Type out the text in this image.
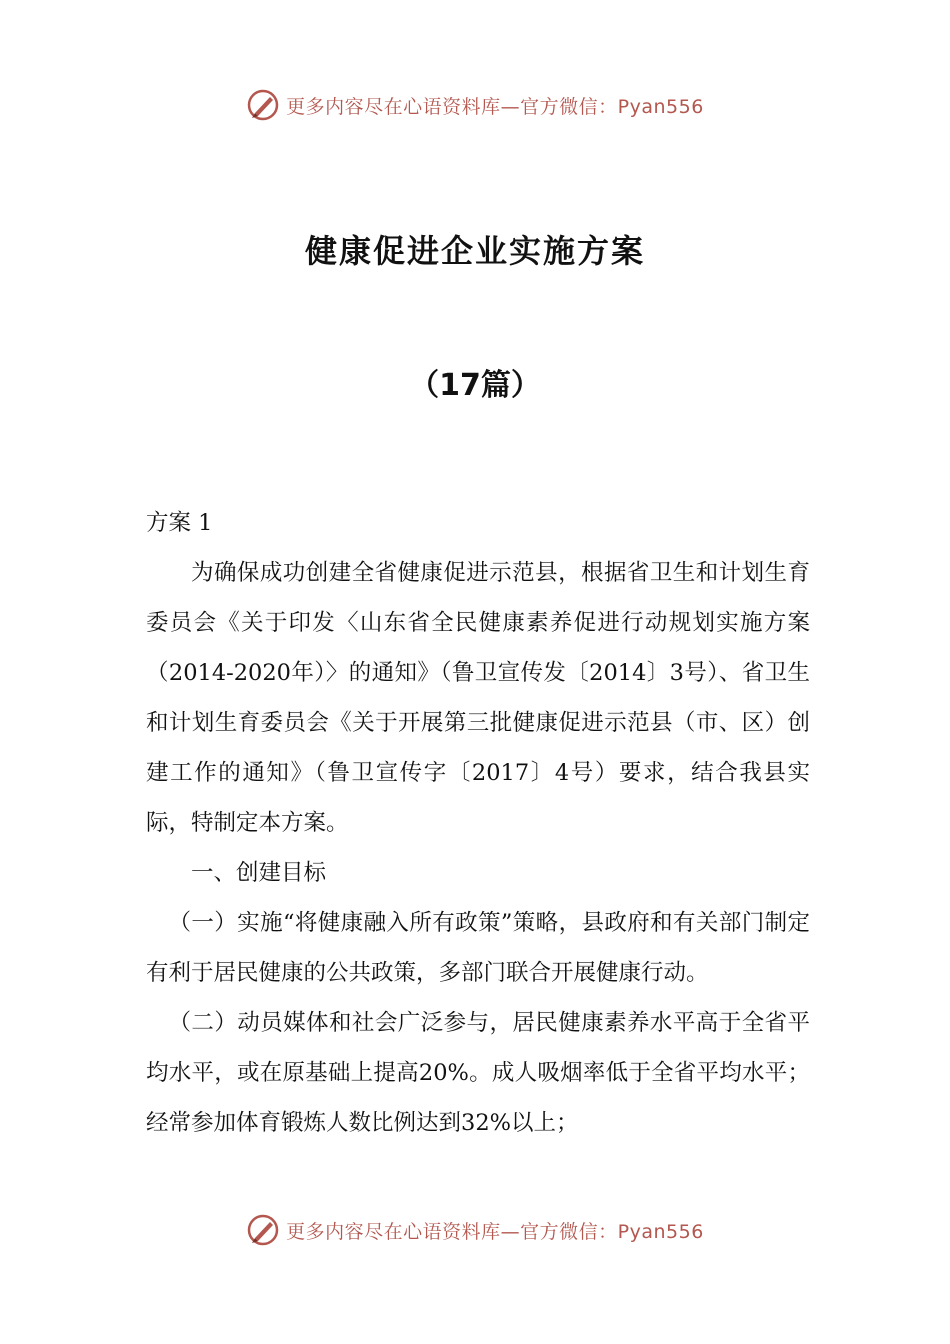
更多内容尽在心语资料库—官方微信：Pyan556
健康促进企业实施方案
（17篇）

方案 1

为确保成功创建全省健康促进示范县，根据省卫生和计划生育委员会《关于印发〈山东省全民健康素养促进行动规划实施方案（2014-2020年）〉的通知》（鲁卫宣传发〔2014〕3号）、省卫生和计划生育委员会《关于开展第三批健康促进示范县（市、区）创建工作的通知》（鲁卫宣传字〔2017〕4号）要求，结合我县实际，特制定本方案。

一、创建目标

（一）实施“将健康融入所有政策”策略，县政府和有关部门制定有利于居民健康的公共政策，多部门联合开展健康行动。

（二）动员媒体和社会广泛参与，居民健康素养水平高于全省平均水平，或在原基础上提高20%。成人吸烟率低于全省平均水平；经常参加体育锻炼人数比例达到32%以上；

更多内容尽在心语资料库—官方微信：Pyan556
